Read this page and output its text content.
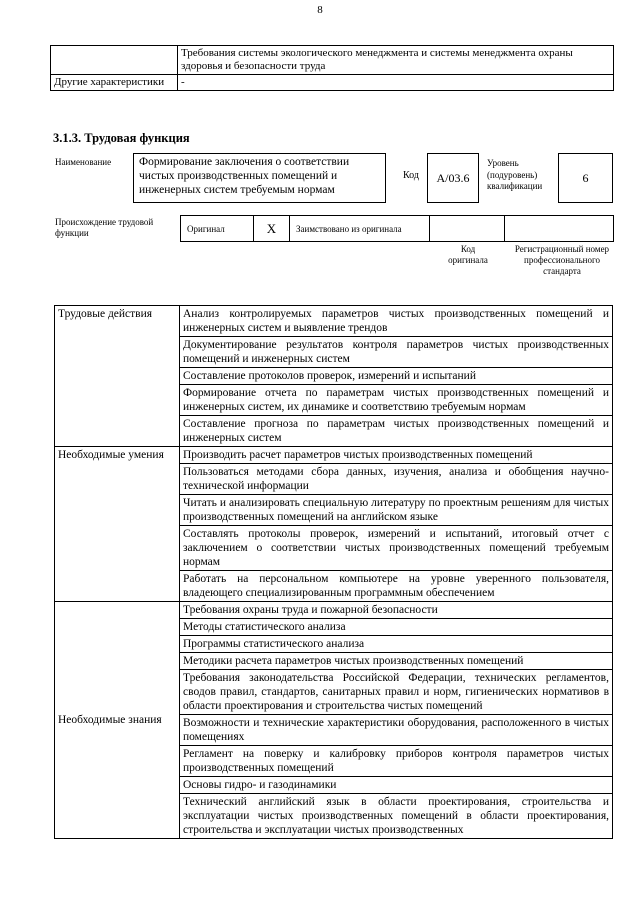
8
	Требования системы экологического менеджмента и системы менеджмента охраны здоровья и безопасности труда
Другие характеристики	-
3.1.3. Трудовая функция
Наименование	Формирование заключения о соответствии чистых производственных помещений и инженерных систем требуемым нормам
Код	А/03.6
Уровень (подуровень) квалификации
6
Происхождение трудовой функции	Оригинал	X	Заимствовано из оригинала
Код оригинала
Регистрационный номер профессионального стандарта
Трудовые действия	Анализ контролируемых параметров чистых производственных помещений и инженерных систем и выявление трендов
	Документирование результатов контроля параметров чистых производственных помещений и инженерных систем
	Составление протоколов проверок, измерений и испытаний
	Формирование отчета по параметрам чистых производственных помещений и инженерных систем, их динамике и соответствию требуемым нормам
	Составление прогноза по параметрам чистых производственных помещений и инженерных систем
Необходимые умения	Производить расчет параметров чистых производственных помещений
	Пользоваться методами сбора данных, изучения, анализа и обобщения научно-технической информации
	Читать и анализировать специальную литературу по проектным решениям для чистых производственных помещений на английском языке
	Составлять протоколы проверок, измерений и испытаний, итоговый отчет с заключением о соответствии чистых производственных помещений требуемым нормам
	Работать на персональном компьютере на уровне уверенного пользователя, владеющего специализированным программным обеспечением
Необходимые знания	Требования охраны труда и пожарной безопасности
	Методы статистического анализа
	Программы статистического анализа
	Методики расчета параметров чистых производственных помещений
	Требования законодательства Российской Федерации, технических регламентов, сводов правил, стандартов, санитарных правил и норм, гигиенических нормативов в области проектирования и строительства чистых помещений
	Возможности и технические характеристики оборудования, расположенного в чистых помещениях
	Регламент на поверку и калибровку приборов контроля параметров чистых производственных помещений
	Основы гидро- и газодинамики
	Технический английский язык в области проектирования, строительства и эксплуатации чистых производственных помещений в области проектирования, строительства и эксплуатации чистых производственных
